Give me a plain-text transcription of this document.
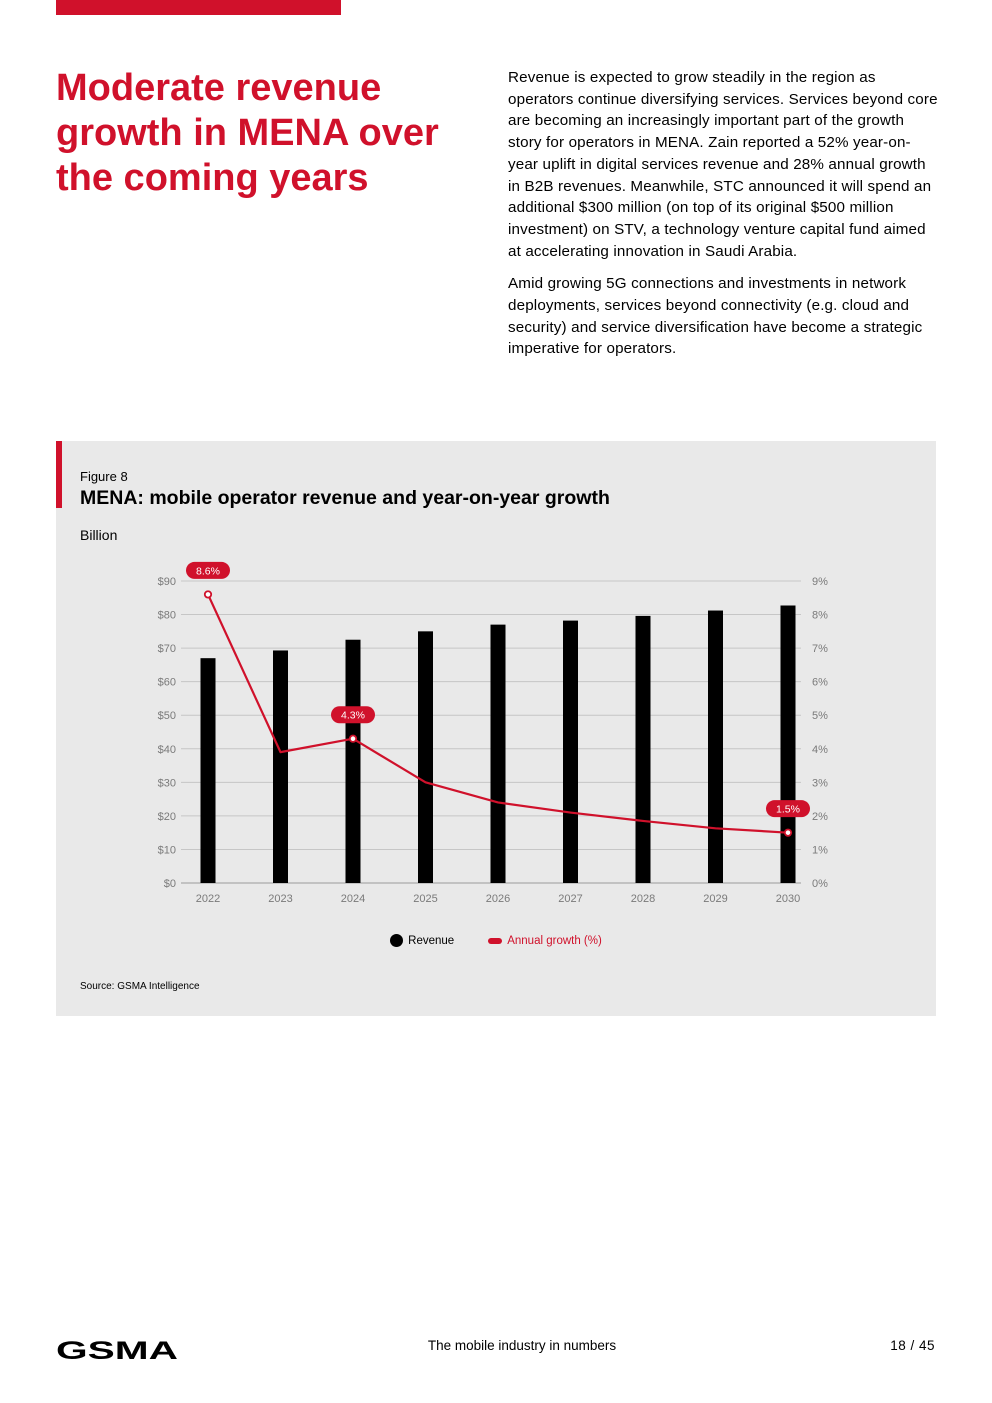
Moderate revenue growth in MENA over the coming years

Revenue is expected to grow steadily in the region as operators continue diversifying services. Services beyond core are becoming an increasingly important part of the growth story for operators in MENA. Zain reported a 52% year-on-year uplift in digital services revenue and 28% annual growth in B2B revenues. Meanwhile, STC announced it will spend an additional $300 million (on top of its original $500 million investment) on STV, a technology venture capital fund aimed at accelerating innovation in Saudi Arabia.

Amid growing 5G connections and investments in network deployments, services beyond connectivity (e.g. cloud and security) and service diversification have become a strategic imperative for operators.

Figure 8
MENA: mobile operator revenue and year-on-year growth
Billion
$0	0%
$10	1%
$20	2%
$30	3%
$40	4%
$50	5%
$60	6%
$70	7%
$80	8%
$90	9%
2022	2023	2024	2025	2026	2027	2028	2029	2030
8.6%
4.3%
1.5%
Revenue	Annual growth (%)
Source: GSMA Intelligence
GSMA	The mobile industry in numbers	18 / 45
